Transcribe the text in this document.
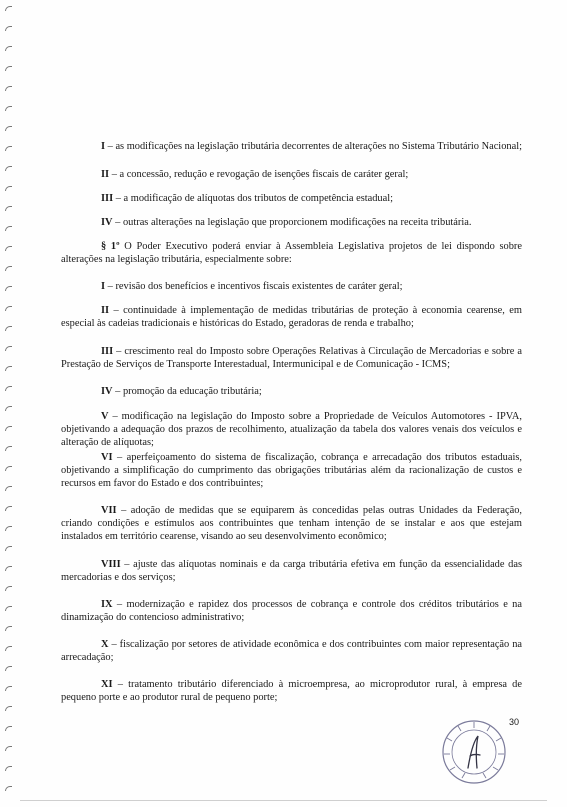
I – as modificações na legislação tributária decorrentes de alterações no Sistema Tributário Nacional;

II – a concessão, redução e revogação de isenções fiscais de caráter geral;

III – a modificação de alíquotas dos tributos de competência estadual;

IV – outras alterações na legislação que proporcionem modificações na receita tributária.

§ 1º O Poder Executivo poderá enviar à Assembleia Legislativa projetos de lei dispondo sobre alterações na legislação tributária, especialmente sobre:

I – revisão dos benefícios e incentivos fiscais existentes de caráter geral;

II – continuidade à implementação de medidas tributárias de proteção à economia cearense, em especial às cadeias tradicionais e históricas do Estado, geradoras de renda e trabalho;

III – crescimento real do Imposto sobre Operações Relativas à Circulação de Mercadorias e sobre a Prestação de Serviços de Transporte Interestadual, Intermunicipal e de Comunicação - ICMS;

IV – promoção da educação tributária;

V – modificação na legislação do Imposto sobre a Propriedade de Veículos Automotores - IPVA, objetivando a adequação dos prazos de recolhimento, atualização da tabela dos valores venais dos veículos e alteração de alíquotas;

VI – aperfeiçoamento do sistema de fiscalização, cobrança e arrecadação dos tributos estaduais, objetivando a simplificação do cumprimento das obrigações tributárias além da racionalização de custos e recursos em favor do Estado e dos contribuintes;

VII – adoção de medidas que se equiparem às concedidas pelas outras Unidades da Federação, criando condições e estímulos aos contribuintes que tenham intenção de se instalar e aos que estejam instalados em território cearense, visando ao seu desenvolvimento econômico;

VIII – ajuste das alíquotas nominais e da carga tributária efetiva em função da essencialidade das mercadorias e dos serviços;

IX – modernização e rapidez dos processos de cobrança e controle dos créditos tributários e na dinamização do contencioso administrativo;

X – fiscalização por setores de atividade econômica e dos contribuintes com maior representação na arrecadação;

XI – tratamento tributário diferenciado à microempresa, ao microprodutor rural, à empresa de pequeno porte e ao produtor rural de pequeno porte;

30
